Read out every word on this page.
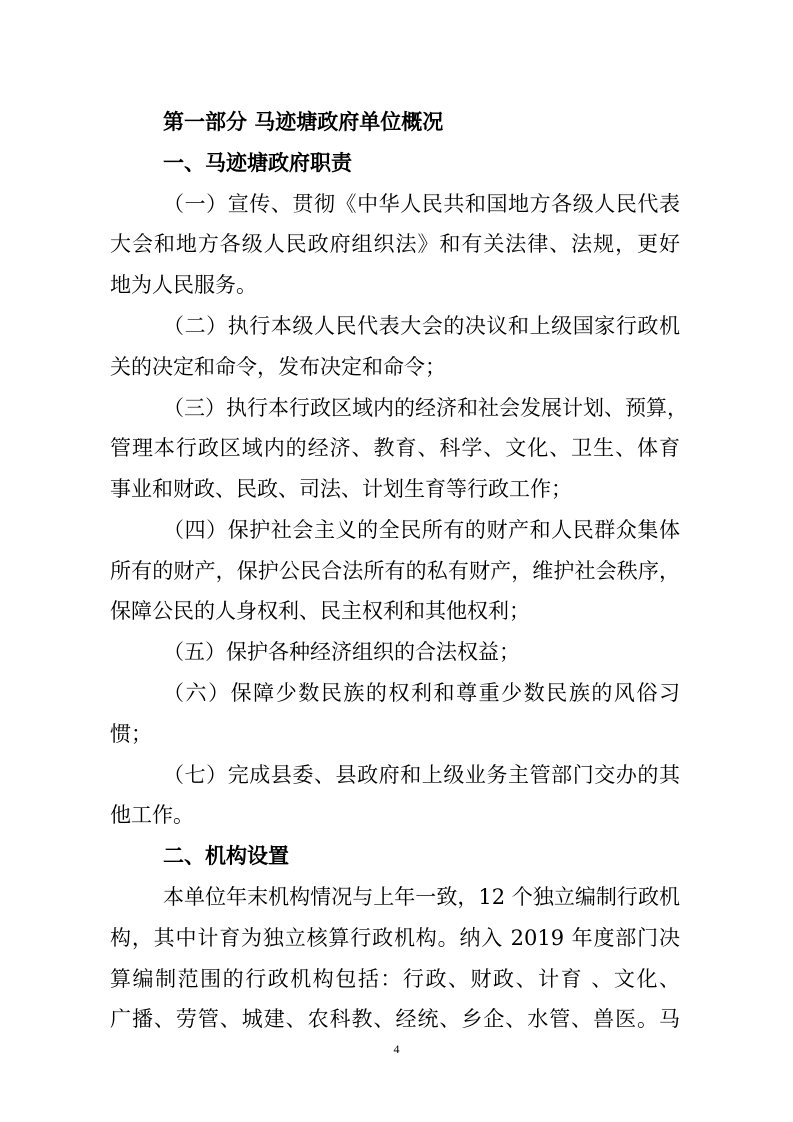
第一部分 马迹塘政府单位概况
一、马迹塘政府职责
（一）宣传、贯彻《中华人民共和国地方各级人民代表
大会和地方各级人民政府组织法》和有关法律、法规，更好
地为人民服务。
（二）执行本级人民代表大会的决议和上级国家行政机
关的决定和命令，发布决定和命令；
（三）执行本行政区域内的经济和社会发展计划、预算，
管理本行政区域内的经济、教育、科学、文化、卫生、体育
事业和财政、民政、司法、计划生育等行政工作；
（四）保护社会主义的全民所有的财产和人民群众集体
所有的财产，保护公民合法所有的私有财产，维护社会秩序，
保障公民的人身权利、民主权利和其他权利；
（五）保护各种经济组织的合法权益；
（六）保障少数民族的权利和尊重少数民族的风俗习
惯；
（七）完成县委、县政府和上级业务主管部门交办的其
他工作。
二、机构设置
本单位年末机构情况与上年一致，12 个独立编制行政机
构，其中计育为独立核算行政机构。纳入 2019 年度部门决
算编制范围的行政机构包括：行政、财政、计育 、文化、
广播、劳管、城建、农科教、经统、乡企、水管、兽医。马
4
